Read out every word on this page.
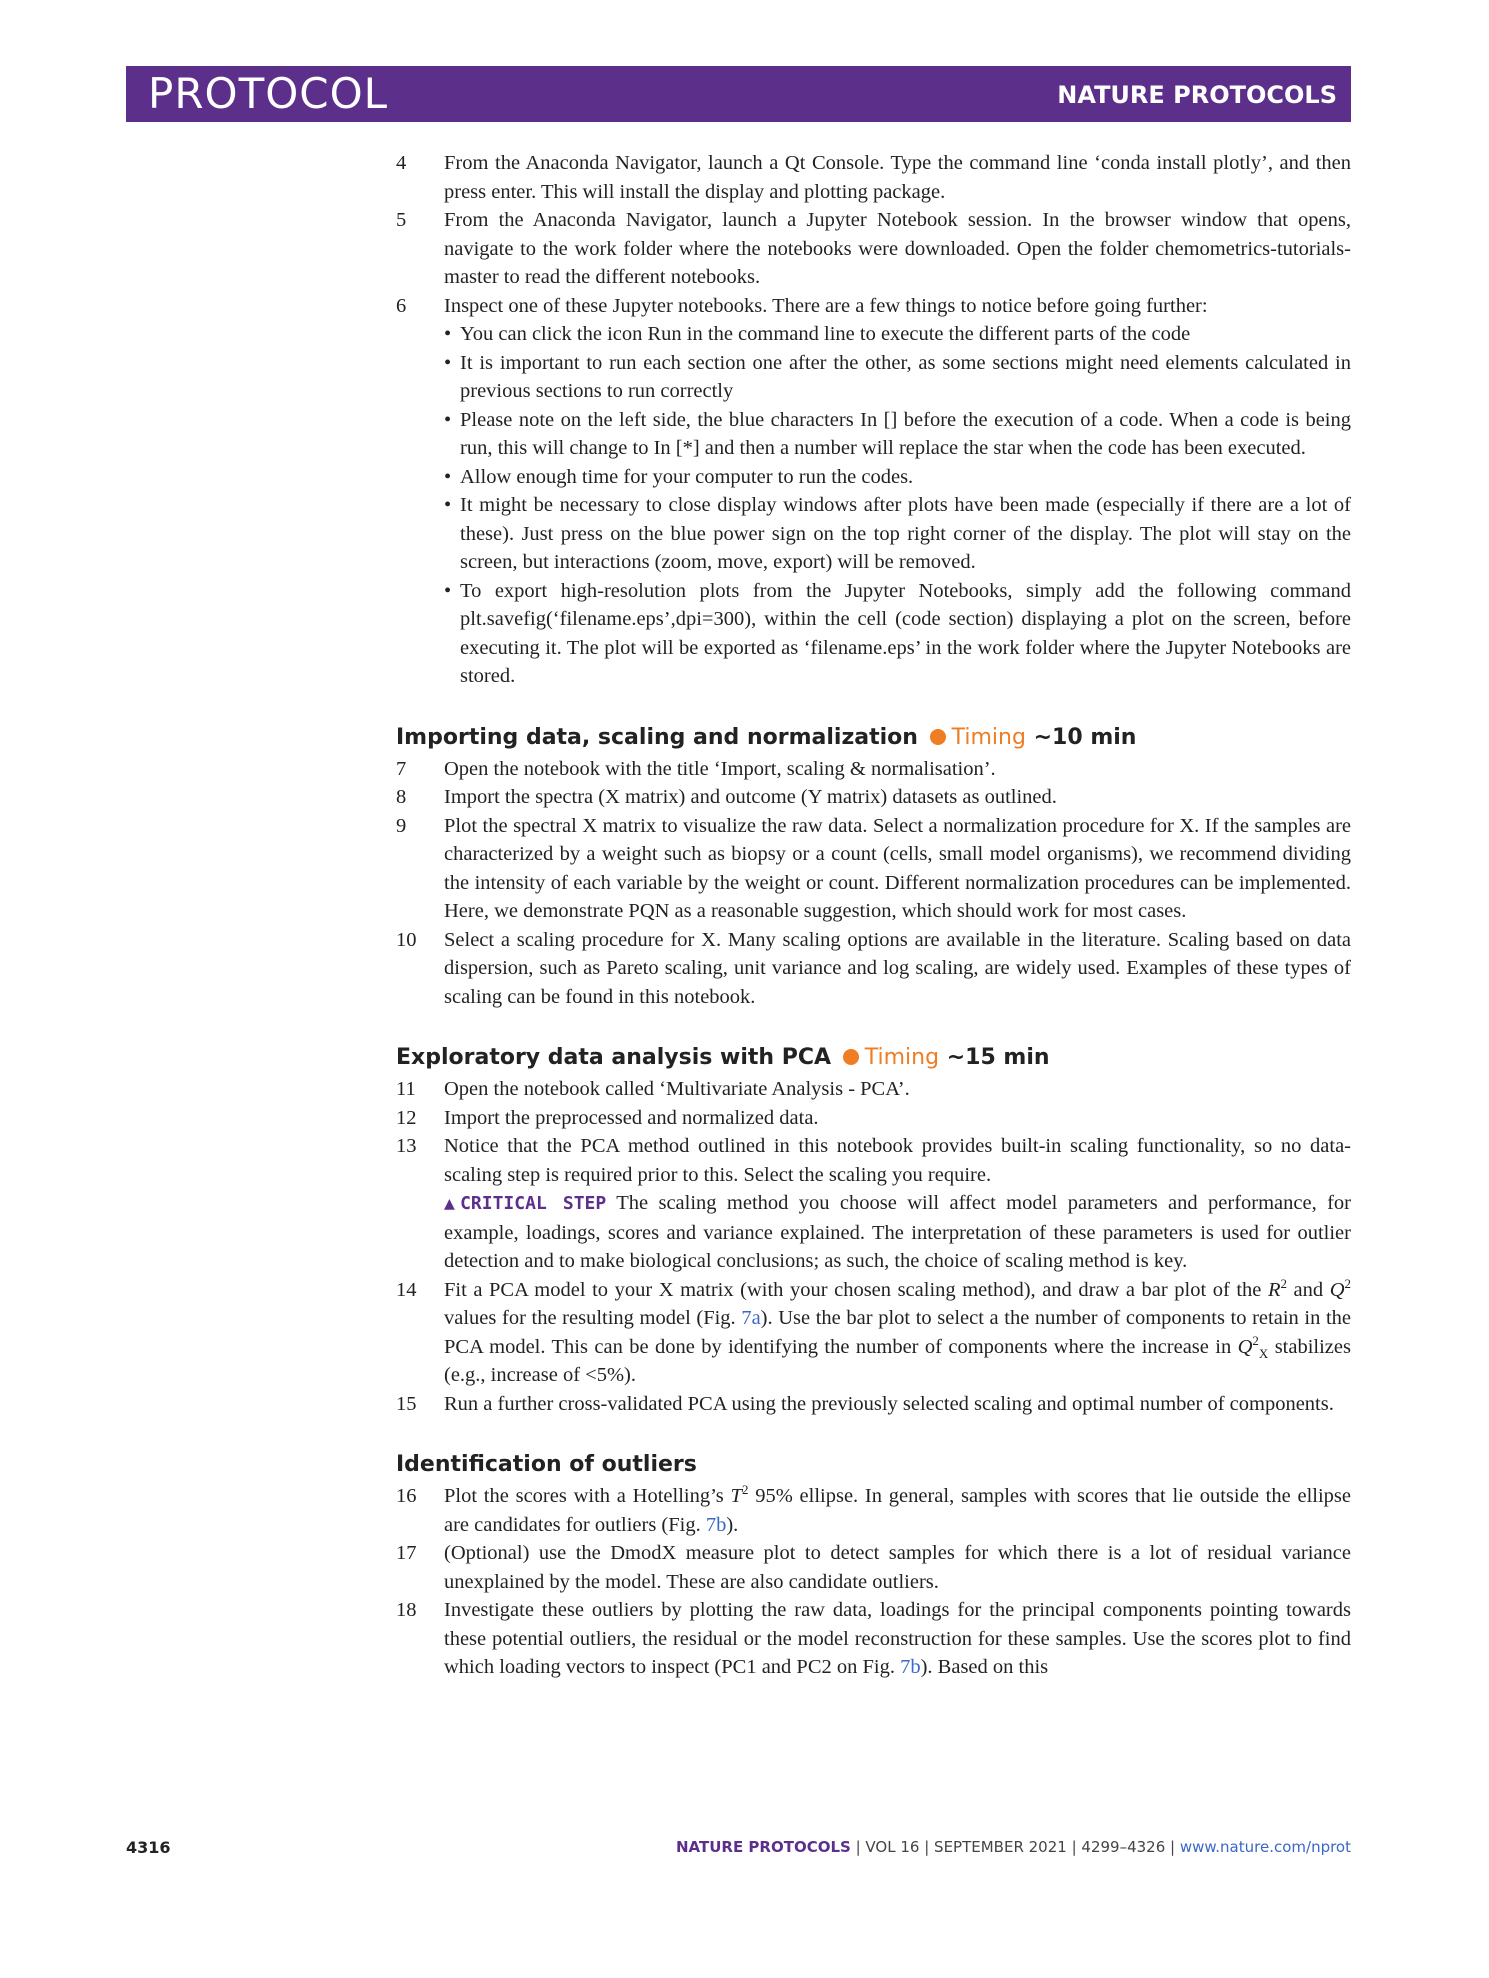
PROTOCOL	NATURE PROTOCOLS
4 From the Anaconda Navigator, launch a Qt Console. Type the command line ‘conda install plotly’, and then press enter. This will install the display and plotting package.
5 From the Anaconda Navigator, launch a Jupyter Notebook session. In the browser window that opens, navigate to the work folder where the notebooks were downloaded. Open the folder chemometrics-tutorials-master to read the different notebooks.
6 Inspect one of these Jupyter notebooks. There are a few things to notice before going further:
• You can click the icon Run in the command line to execute the different parts of the code
• It is important to run each section one after the other, as some sections might need elements calculated in previous sections to run correctly
• Please note on the left side, the blue characters In [] before the execution of a code. When a code is being run, this will change to In [*] and then a number will replace the star when the code has been executed.
• Allow enough time for your computer to run the codes.
• It might be necessary to close display windows after plots have been made (especially if there are a lot of these). Just press on the blue power sign on the top right corner of the display. The plot will stay on the screen, but interactions (zoom, move, export) will be removed.
• To export high-resolution plots from the Jupyter Notebooks, simply add the following command plt.savefig(‘filename.eps’,dpi=300), within the cell (code section) displaying a plot on the screen, before executing it. The plot will be exported as ‘filename.eps’ in the work folder where the Jupyter Notebooks are stored.
Importing data, scaling and normalization Timing ~10 min
7 Open the notebook with the title ‘Import, scaling & normalisation’.
8 Import the spectra (X matrix) and outcome (Y matrix) datasets as outlined.
9 Plot the spectral X matrix to visualize the raw data. Select a normalization procedure for X. If the samples are characterized by a weight such as biopsy or a count (cells, small model organisms), we recommend dividing the intensity of each variable by the weight or count. Different normalization procedures can be implemented. Here, we demonstrate PQN as a reasonable suggestion, which should work for most cases.
10 Select a scaling procedure for X. Many scaling options are available in the literature. Scaling based on data dispersion, such as Pareto scaling, unit variance and log scaling, are widely used. Examples of these types of scaling can be found in this notebook.
Exploratory data analysis with PCA Timing ~15 min
11 Open the notebook called ‘Multivariate Analysis - PCA’.
12 Import the preprocessed and normalized data.
13 Notice that the PCA method outlined in this notebook provides built-in scaling functionality, so no data-scaling step is required prior to this. Select the scaling you require.
▲CRITICAL STEP The scaling method you choose will affect model parameters and performance, for example, loadings, scores and variance explained. The interpretation of these parameters is used for outlier detection and to make biological conclusions; as such, the choice of scaling method is key.
14 Fit a PCA model to your X matrix (with your chosen scaling method), and draw a bar plot of the $R^2$ and $Q^2$ values for the resulting model (Fig. 7a). Use the bar plot to select a the number of components to retain in the PCA model. This can be done by identifying the number of components where the increase in $Q^2_X$ stabilizes (e.g., increase of <5%).
15 Run a further cross-validated PCA using the previously selected scaling and optimal number of components.
Identification of outliers
16 Plot the scores with a Hotelling’s $T^2$ 95% ellipse. In general, samples with scores that lie outside the ellipse are candidates for outliers (Fig. 7b).
17 (Optional) use the DmodX measure plot to detect samples for which there is a lot of residual variance unexplained by the model. These are also candidate outliers.
18 Investigate these outliers by plotting the raw data, loadings for the principal components pointing towards these potential outliers, the residual or the model reconstruction for these samples. Use the scores plot to find which loading vectors to inspect (PC1 and PC2 on Fig. 7b). Based on this
4316	NATURE PROTOCOLS | VOL 16 | SEPTEMBER 2021 | 4299–4326 | www.nature.com/nprot
